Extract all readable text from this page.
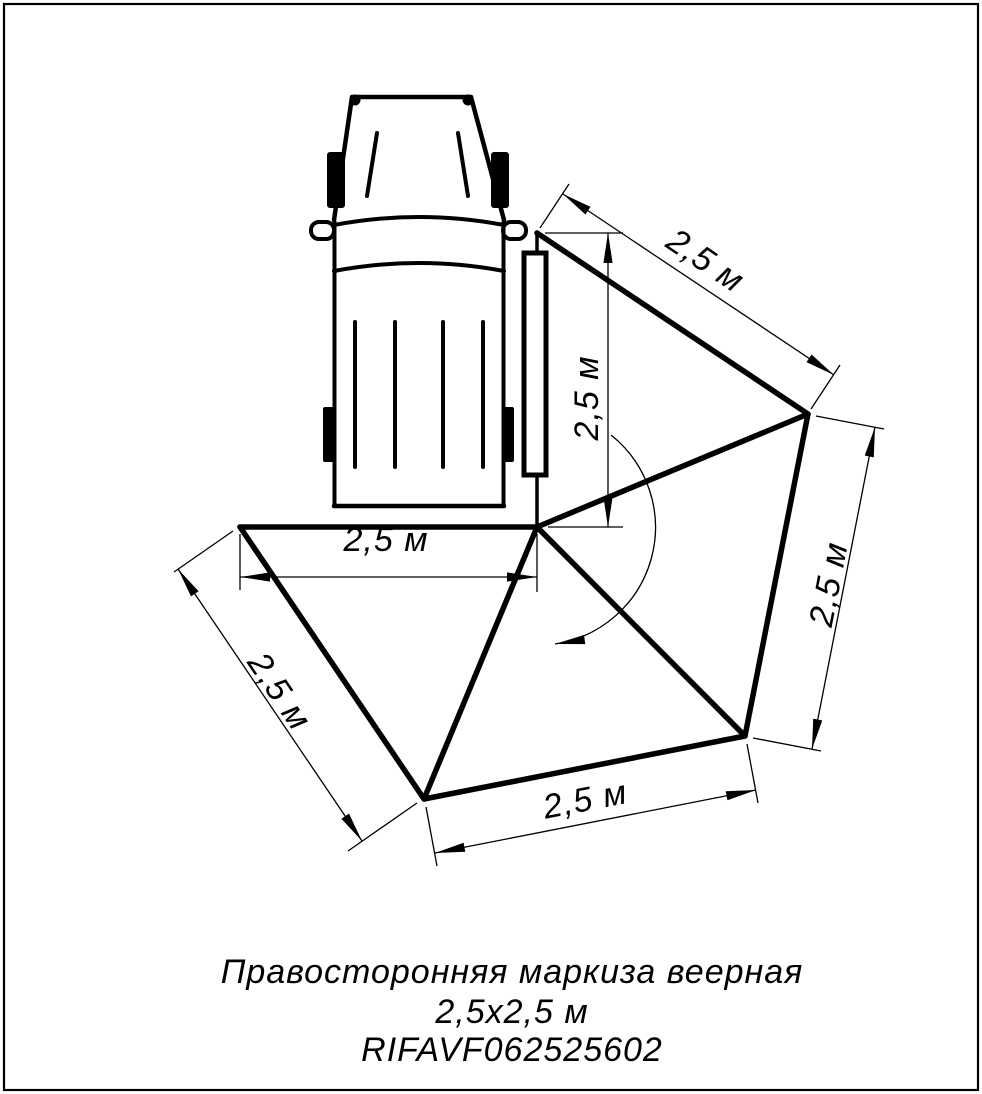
2,5 м
2,5 м
2,5 м
2,5 м
2,5 м
2,5 м
Правосторонняя маркиза веерная
2,5х2,5 м
RIFAVF062525602
